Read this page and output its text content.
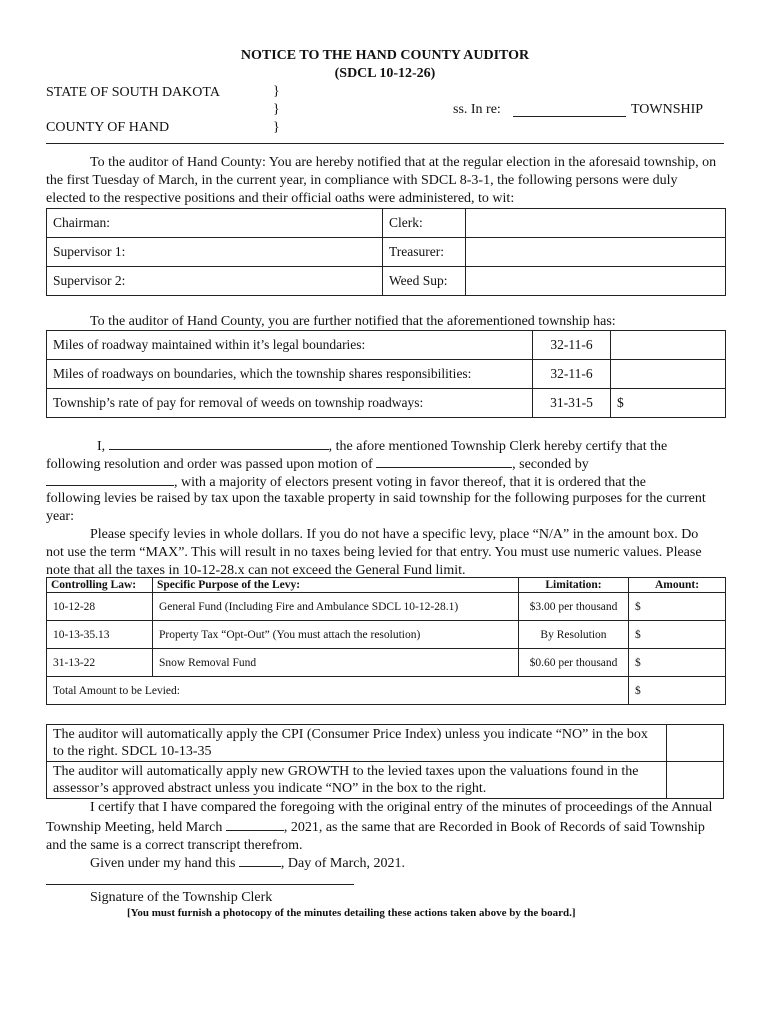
NOTICE TO THE HAND COUNTY AUDITOR
(SDCL 10-12-26)
STATE OF SOUTH DAKOTA
COUNTY OF HAND
}
}
}
ss. In re:	TOWNSHIP
To the auditor of Hand County: You are hereby notified that at the regular election in the aforesaid township, on the first Tuesday of March, in the current year, in compliance with SDCL 8-3-1, the following persons were duly elected to the respective positions and their official oaths were administered, to wit:
Chairman:		Clerk:	
Supervisor 1:		Treasurer:	
Supervisor 2:		Weed Sup:	
To the auditor of Hand County, you are further notified that the aforementioned township has:
Miles of roadway maintained within it’s legal boundaries:	32-11-6	
Miles of roadways on boundaries, which the township shares responsibilities:	32-11-6	
Township’s rate of pay for removal of weeds on township roadways:	31-31-5	$
I,	, the afore mentioned Township Clerk hereby certify that the
following resolution and order was passed upon motion of	, seconded by
, with a majority of electors present voting in favor thereof, that it is ordered that the
following levies be raised by tax upon the taxable property in said township for the following purposes for the current year:
Please specify levies in whole dollars. If you do not have a specific levy, place “N/A” in the amount box. Do not use the term “MAX”. This will result in no taxes being levied for that entry. You must use numeric values. Please note that all the taxes in 10-12-28.x can not exceed the General Fund limit.
Controlling Law:	Specific Purpose of the Levy:	Limitation:	Amount:
10-12-28	General Fund (Including Fire and Ambulance SDCL 10-12-28.1)	$3.00 per thousand	$
10-13-35.13	Property Tax “Opt-Out” (You must attach the resolution)	By Resolution	$
31-13-22	Snow Removal Fund	$0.60 per thousand	$
Total Amount to be Levied:			$
The auditor will automatically apply the CPI (Consumer Price Index) unless you indicate “NO” in the box to the right. SDCL 10-13-35	
The auditor will automatically apply new GROWTH to the levied taxes upon the valuations found in the assessor’s approved abstract unless you indicate “NO” in the box to the right.	
I certify that I have compared the foregoing with the original entry of the minutes of proceedings of the Annual Township Meeting, held March	, 2021, as the same that are Recorded in Book of Records of said Township and the same is a correct transcript therefrom.
Given under my hand this	, Day of March, 2021.
Signature of the Township Clerk
[You must furnish a photocopy of the minutes detailing these actions taken above by the board.]
